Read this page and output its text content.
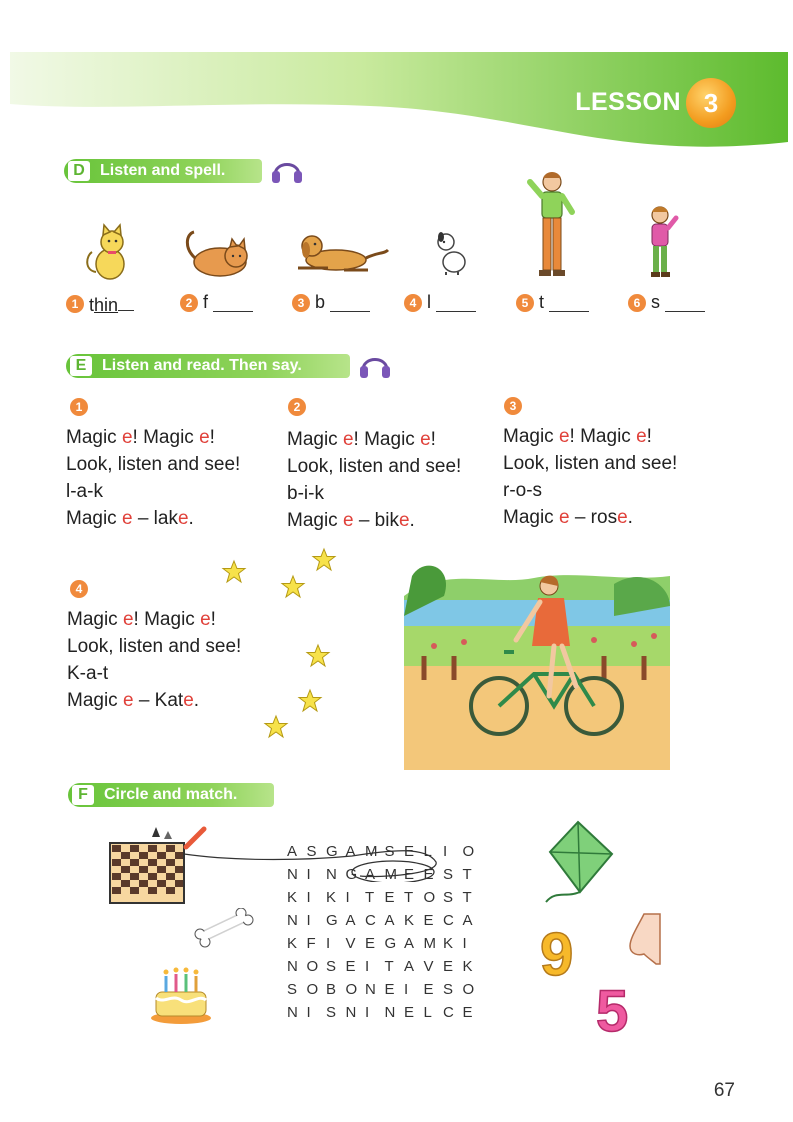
LESSON 3
D Listen and spell.
1 thin	2 f	3 b	4 l	5 t	6 s
E Listen and read. Then say.
1
Magic e! Magic e!
Look, listen and see!
l-a-k
Magic e – lake.
2
Magic e! Magic e!
Look, listen and see!
b-i-k
Magic e – bike.
3
Magic e! Magic e!
Look, listen and see!
r-o-s
Magic e – rose.
4
Magic e! Magic e!
Look, listen and see!
K-a-t
Magic e – Kate.
F	Circle and match.
A S G A M S E L I	O
N I	N G A M E E S T
K I	K I	T E T O S T
N I	G A C A K E C A
K F I	V E G A M K I
N O S E I	T A V E K
S O B O N E I	E S O
N I	S N I	N E L C E
9
5
67
